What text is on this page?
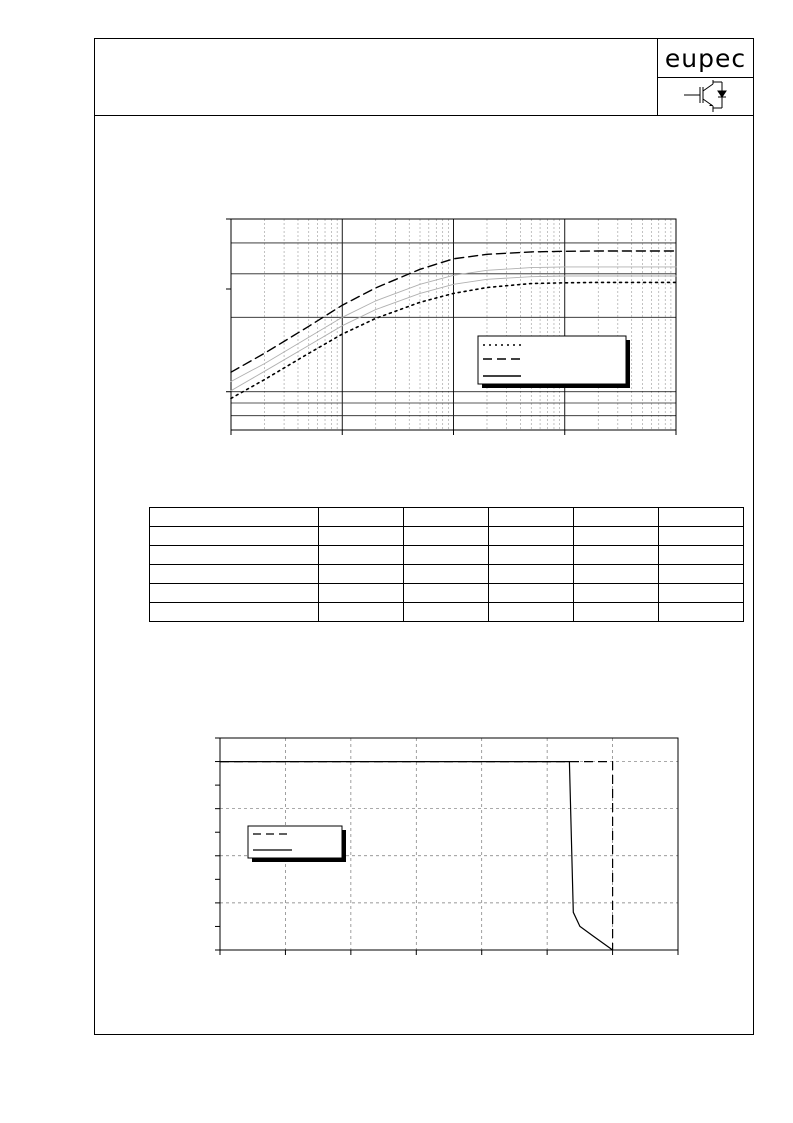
eupec
